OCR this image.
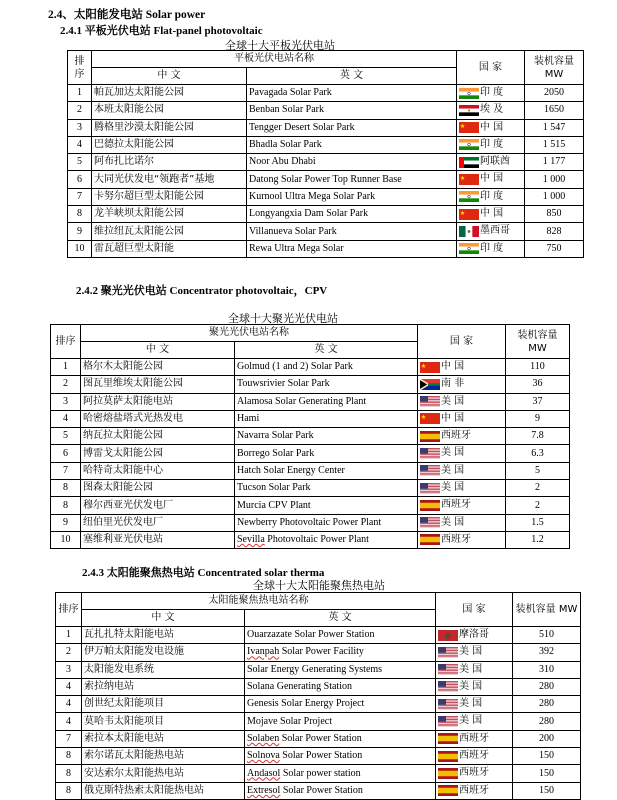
2.4、太阳能发电站 Solar power
2.4.1 平板光伏电站 Flat-panel photovoltaic
全球十大平板光伏电站
排序	平板光伏电站名称		国 家	装机容量 MW
	中 文	英 文		
1	帕瓦加达太阳能公园	Pavagada Solar Park	印 度	2050
2	本班太阳能公园	Benban Solar Park	埃 及	1650
3	腾格里沙漠太阳能公园	Tengger Desert Solar Park	中 国	1 547
4	巴德拉太阳能公园	Bhadla Solar Park	印 度	1 515
5	阿布扎比诺尔	Noor Abu Dhabi	阿联酋	1 177
6	大同光伏发电“领跑者”基地	Datong Solar Power Top Runner Base	中 国	1 000
7	卡努尔超巨型太阳能公园	Kurnool Ultra Mega Solar Park	印 度	1 000
8	龙羊峡坝太阳能公园	Longyangxia Dam Solar Park	中 国	850
9	维拉纽瓦太阳能公园	Villanueva Solar Park	墨西哥	828
10	雷瓦超巨型太阳能	Rewa Ultra Mega Solar	印 度	750
2.4.2 聚光光伏电站 Concentrator photovoltaic，CPV
全球十大聚光光伏电站
排序	聚光光伏电站名称		国 家	装机容量 MW
	中 文	英 文		
1	格尔木太阳能公园	Golmud (1 and 2) Solar Park	中 国	110
2	图瓦里维埃太阳能公园	Touwsrivier Solar Park	南 非	36
3	阿拉莫萨太阳能电站	Alamosa Solar Generating Plant	美 国	37
4	哈密熔盐塔式光热发电	Hami	中 国	9
5	纳瓦拉太阳能公园	Navarra Solar Park	西班牙	7.8
6	博雷戈太阳能公园	Borrego Solar Park	美 国	6.3
7	哈特奇太阳能中心	Hatch Solar Energy Center	美 国	5
8	图森太阳能公园	Tucson Solar Park	美 国	2
8	穆尔西亚光伏发电厂	Murcia CPV Plant	西班牙	2
9	纽伯里光伏发电厂	Newberry Photovoltaic Power Plant	美 国	1.5
10	塞维利亚光伏电站	Sevilla Photovoltaic Power Plant	西班牙	1.2
2.4.3 太阳能聚焦热电站 Concentrated solar therma
全球十大太阳能聚焦热电站
排序	太阳能聚焦热电站名称		国 家	装机容量 MW
	中 文	英 文		
1	瓦扎扎特太阳能电站	Ouarzazate Solar Power Station	摩洛哥	510
2	伊万帕太阳能发电设施	Ivanpah Solar Power Facility	美 国	392
3	太阳能发电系统	Solar Energy Generating Systems	美 国	310
4	索拉纳电站	Solana Generating Station	美 国	280
4	创世纪太阳能项目	Genesis Solar Energy Project	美 国	280
4	莫哈韦太阳能项目	Mojave Solar Project	美 国	280
7	索拉本太阳能电站	Solaben Solar Power Station	西班牙	200
8	索尔诺瓦太阳能热电站	Solnova Solar Power Station	西班牙	150
8	安达索尔太阳能热电站	Andasol Solar power station	西班牙	150
8	俄克斯特热索太阳能热电站	Extresol Solar Power Station	西班牙	150
